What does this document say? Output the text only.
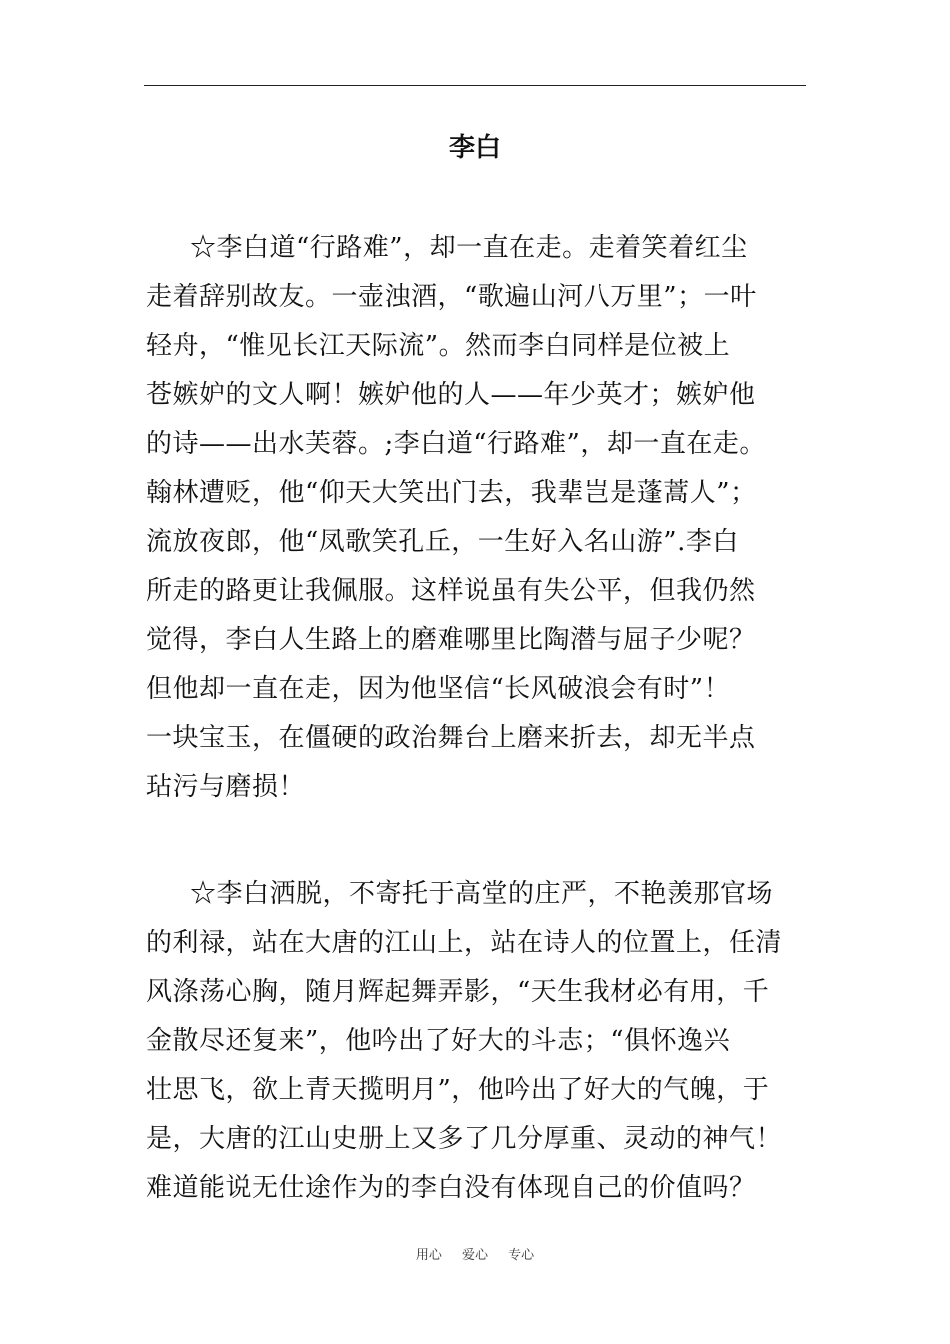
李白
☆李白道“行路难”，却一直在走。走着笑着红尘
走着辞别故友。一壶浊酒，“歌遍山河八万里”；一叶
轻舟，“惟见长江天际流”。然而李白同样是位被上
苍嫉妒的文人啊！嫉妒他的人——年少英才；嫉妒他
的诗——出水芙蓉。;李白道“行路难”，却一直在走。
翰林遭贬，他“仰天大笑出门去，我辈岂是蓬蒿人”；
流放夜郎，他“凤歌笑孔丘，一生好入名山游”.李白
所走的路更让我佩服。这样说虽有失公平，但我仍然
觉得，李白人生路上的磨难哪里比陶潜与屈子少呢？
但他却一直在走，因为他坚信“长风破浪会有时”！
一块宝玉，在僵硬的政治舞台上磨来折去，却无半点
玷污与磨损！
☆李白洒脱，不寄托于高堂的庄严，不艳羡那官场
的利禄，站在大唐的江山上，站在诗人的位置上，任清
风涤荡心胸，随月辉起舞弄影，“天生我材必有用，千
金散尽还复来”，他吟出了好大的斗志；“俱怀逸兴
壮思飞，欲上青天揽明月”，他吟出了好大的气魄，于
是，大唐的江山史册上又多了几分厚重、灵动的神气！
难道能说无仕途作为的李白没有体现自己的价值吗？
用心 爱心 专心
